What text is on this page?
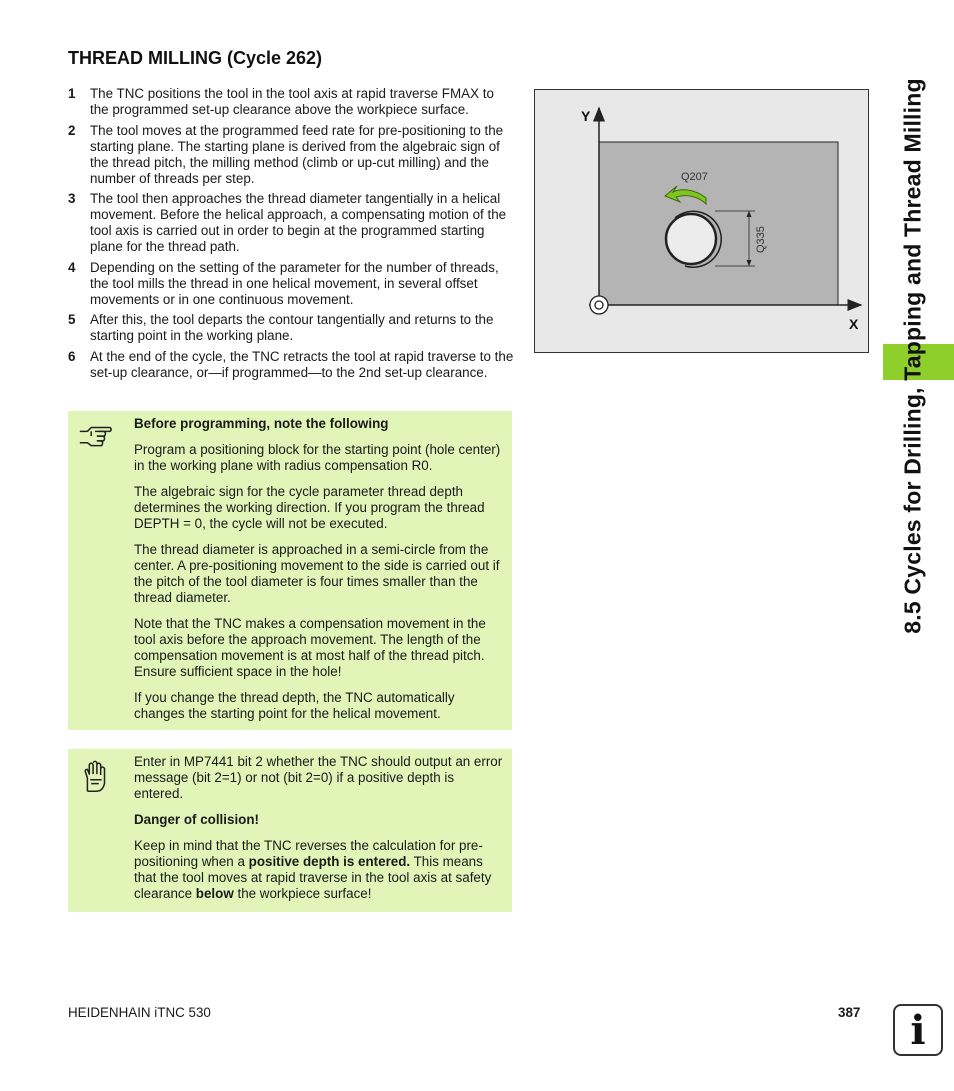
THREAD MILLING (Cycle 262)
1	The TNC positions the tool in the tool axis at rapid traverse FMAX to the programmed set-up clearance above the workpiece surface.
2	The tool moves at the programmed feed rate for pre-positioning to the starting plane. The starting plane is derived from the algebraic sign of the thread pitch, the milling method (climb or up-cut milling) and the number of threads per step.
3	The tool then approaches the thread diameter tangentially in a helical movement. Before the helical approach, a compensating motion of the tool axis is carried out in order to begin at the programmed starting plane for the thread path.
4	Depending on the setting of the parameter for the number of threads, the tool mills the thread in one helical movement, in several offset movements or in one continuous movement.
5	After this, the tool departs the contour tangentially and returns to the starting point in the working plane.
6	At the end of the cycle, the TNC retracts the tool at rapid traverse to the set-up clearance, or—if programmed—to the 2nd set-up clearance.

Before programming, note the following

Program a positioning block for the starting point (hole center) in the working plane with radius compensation R0.

The algebraic sign for the cycle parameter thread depth determines the working direction. If you program the thread DEPTH = 0, the cycle will not be executed.

The thread diameter is approached in a semi-circle from the center. A pre-positioning movement to the side is carried out if the pitch of the tool diameter is four times smaller than the thread diameter.

Note that the TNC makes a compensation movement in the tool axis before the approach movement. The length of the compensation movement is at most half of the thread pitch. Ensure sufficient space in the hole!

If you change the thread depth, the TNC automatically changes the starting point for the helical movement.

Enter in MP7441 bit 2 whether the TNC should output an error message (bit 2=1) or not (bit 2=0) if a positive depth is entered.

Danger of collision!

Keep in mind that the TNC reverses the calculation for pre-positioning when a positive depth is entered. This means that the tool moves at rapid traverse in the tool axis at safety clearance below the workpiece surface!

Q207
Q335
Y
X 8.5 Cycles for Drilling, Tapping and Thread Milling
HEIDENHAIN iTNC 530	387	i
